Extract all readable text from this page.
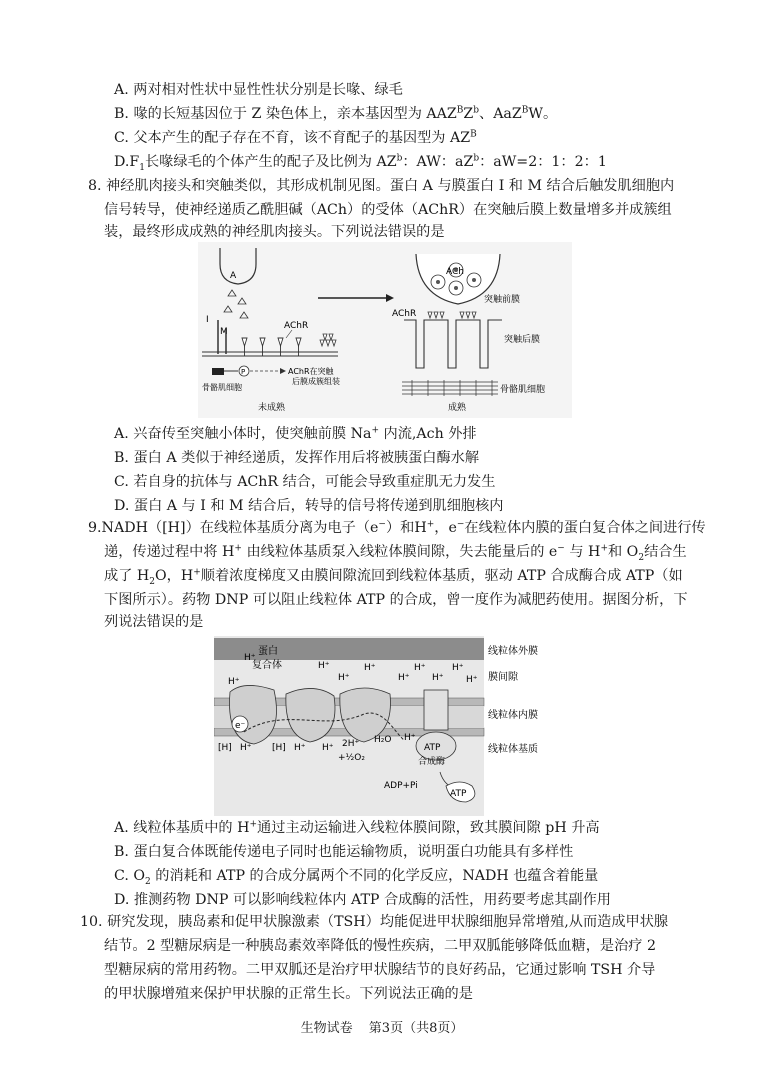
A. 两对相对性状中显性性状分别是长喙、绿毛
B. 喙的长短基因位于 Z 染色体上，亲本基因型为 $AAZ^BZ^b$、AaZ$^B$W。
C. 父本产生的配子存在不育，该不育配子的基因型为 $AZ^B$
$D.F_1$长喙绿毛的个体产生的配子及比例为 $AZ^b$：AW：$aZ^b$：aW=2：1：2：1
8. 神经肌肉接头和突触类似，其形成机制见图。蛋白 A 与膜蛋白 I 和 M 结合后触发肌细胞内
信号转导，使神经递质乙酰胆碱（ACh）的受体（AChR）在突触后膜上数量增多并成簇组
装，最终形成成熟的神经肌肉接头。下列说法错误的是
A
I
M
AChR
P	AChR在突触
后膜成簇组装
骨骼肌细胞
未成熟
ACh
突触前膜
AChR
突触后膜
骨骼肌细胞
成熟
A. 兴奋传至突触小体时，使突触前膜 Na+ 内流,Ach 外排
B. 蛋白 A 类似于神经递质，发挥作用后将被胰蛋白酶水解
C. 若自身的抗体与 AChR 结合，可能会导致重症肌无力发生
D. 蛋白 A 与 I 和 M 结合后，转导的信号将传递到肌细胞核内
9.NADH（[H]）在线粒体基质分离为电子（e−）和H+，e−在线粒体内膜的蛋白复合体之间进行传
递，传递过程中将 H+ 由线粒体基质泵入线粒体膜间隙，失去能量后的 e− 与 H+和 $O_2$结合生
成了 $H_2O$，H+顺着浓度梯度又由膜间隙流回到线粒体基质，驱动 ATP 合成酶合成 ATP（如
下图所示）。药物 DNP 可以阻止线粒体 ATP 的合成，曾一度作为减肥药使用。据图分析，下
列说法错误的是
e⁻
蛋白
复合体
H⁺
H⁺
H⁺
H⁺
H⁺
H⁺
H⁺
H⁺
H⁺
H⁺
[H] H⁺ [H] H⁺ H⁺ 2H⁺
+½O₂
H₂O H⁺
ATP
合成酶
ADP+Pi
ATP
线粒体外膜
膜间隙
线粒体内膜
线粒体基质
A. 线粒体基质中的 H+通过主动运输进入线粒体膜间隙，致其膜间隙 pH 升高
B. 蛋白复合体既能传递电子同时也能运输物质，说明蛋白功能具有多样性
C. $O_2$ 的消耗和 ATP 的合成分属两个不同的化学反应，NADH 也蕴含着能量
D. 推测药物 DNP 可以影响线粒体内 ATP 合成酶的活性，用药要考虑其副作用
10. 研究发现，胰岛素和促甲状腺激素（TSH）均能促进甲状腺细胞异常增殖,从而造成甲状腺
结节。2 型糖尿病是一种胰岛素效率降低的慢性疾病，二甲双胍能够降低血糖，是治疗 2
型糖尿病的常用药物。二甲双胍还是治疗甲状腺结节的良好药品，它通过影响 TSH 介导
的甲状腺增殖来保护甲状腺的正常生长。下列说法正确的是
生物试卷 第3页（共8页）
